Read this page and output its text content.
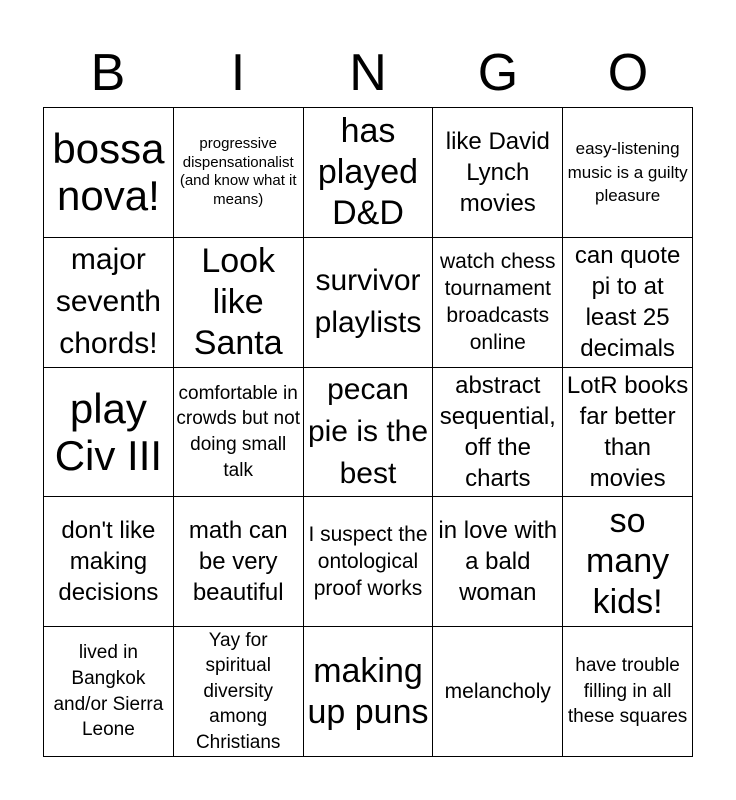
B	I	N	G	O
bossa nova!
progressive dispensationalist (and know what it means)
has played D&D
like David Lynch movies
easy-listening music is a guilty pleasure
major seventh chords!
Look like Santa
survivor playlists
watch chess tournament broadcasts online
can quote pi to at least 25 decimals
play Civ III
comfortable in crowds but not doing small talk
pecan pie is the best
abstract sequential, off the charts
LotR books far better than movies
don't like making decisions
math can be very beautiful
I suspect the ontological proof works
in love with a bald woman
so many kids!
lived in Bangkok and/or Sierra Leone
Yay for spiritual diversity among Christians
making up puns
melancholy
have trouble filling in all these squares
